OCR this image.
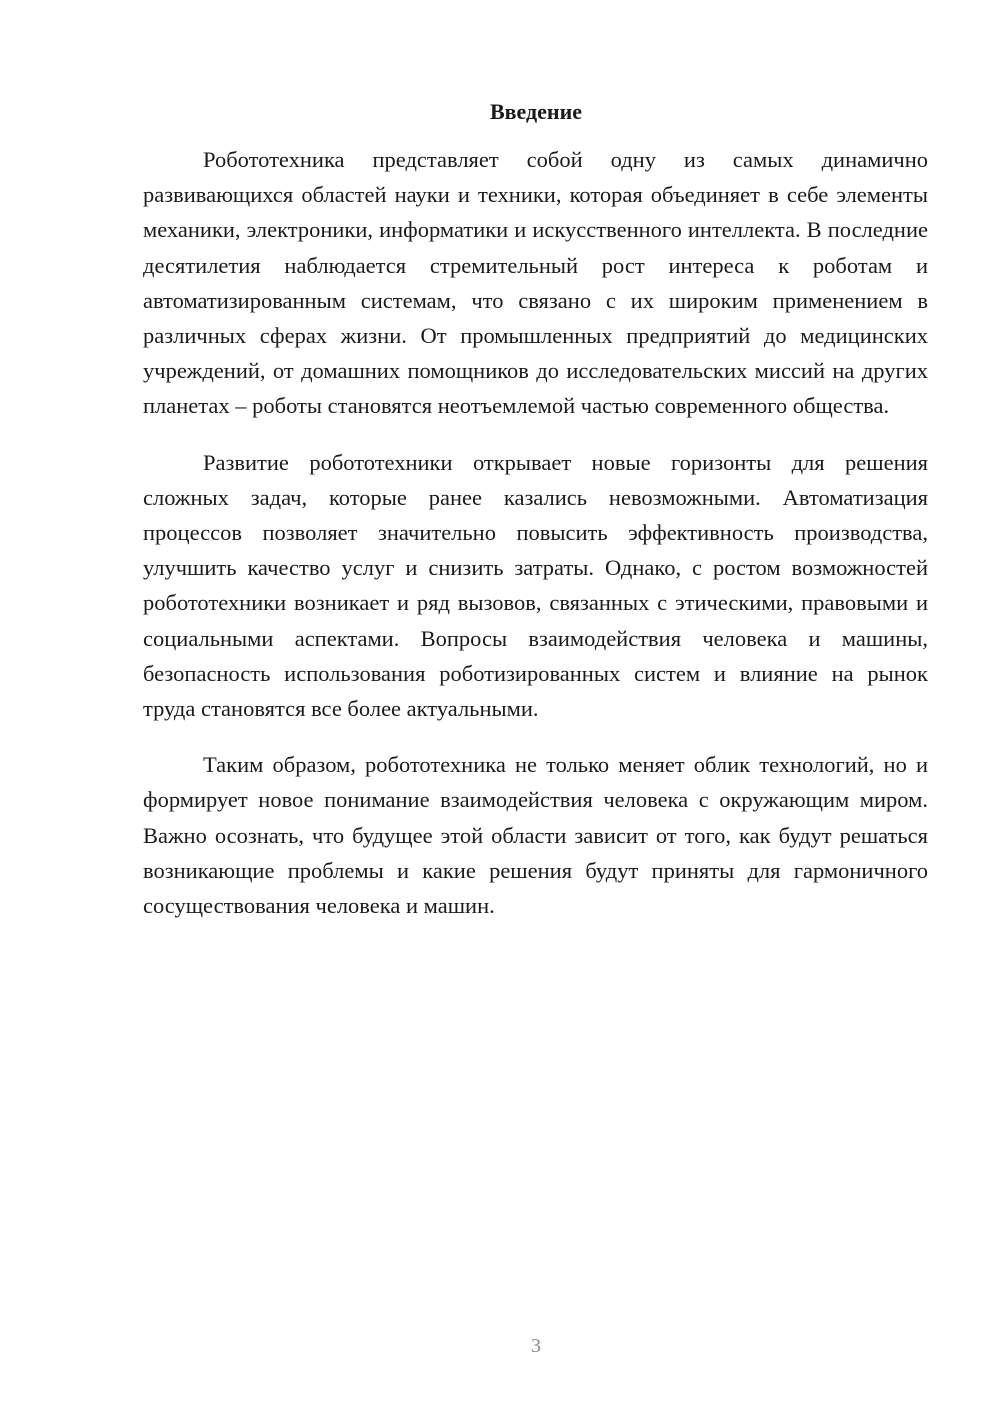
Введение

Робототехника представляет собой одну из самых динамично развивающихся областей науки и техники, которая объединяет в себе элементы механики, электроники, информатики и искусственного интеллекта. В последние десятилетия наблюдается стремительный рост интереса к роботам и автоматизированным системам, что связано с их широким применением в различных сферах жизни. От промышленных предприятий до медицинских учреждений, от домашних помощников до исследовательских миссий на других планетах – роботы становятся неотъемлемой частью современного общества.

Развитие робототехники открывает новые горизонты для решения сложных задач, которые ранее казались невозможными. Автоматизация процессов позволяет значительно повысить эффективность производства, улучшить качество услуг и снизить затраты. Однако, с ростом возможностей робототехники возникает и ряд вызовов, связанных с этическими, правовыми и социальными аспектами. Вопросы взаимодействия человека и машины, безопасность использования роботизированных систем и влияние на рынок труда становятся все более актуальными.

Таким образом, робототехника не только меняет облик технологий, но и формирует новое понимание взаимодействия человека с окружающим миром. Важно осознать, что будущее этой области зависит от того, как будут решаться возникающие проблемы и какие решения будут приняты для гармоничного сосуществования человека и машин.

3
